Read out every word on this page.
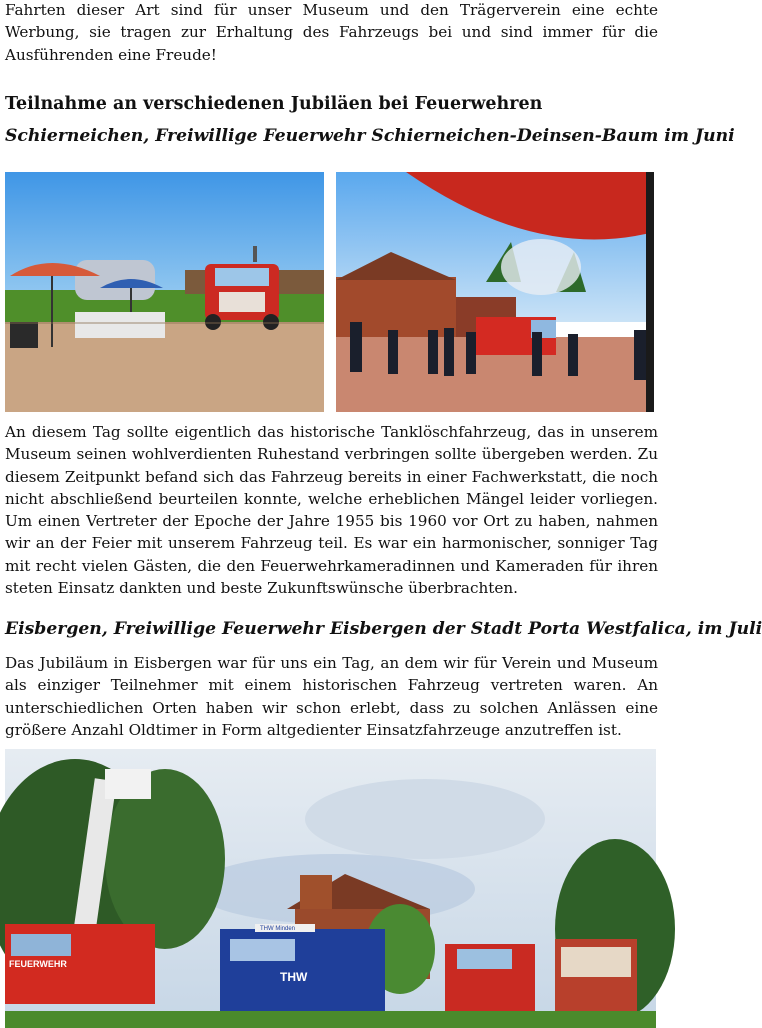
Fahrten dieser Art sind für unser Museum und den Trägerverein eine echte Werbung, sie tragen zur Erhaltung des Fahrzeugs bei und sind immer für die Ausführenden eine Freude!

Teilnahme an verschiedenen Jubiläen bei Feuerwehren
Schierneichen, Freiwillige Feuerwehr Schierneichen-Deinsen-Baum im Juni

An diesem Tag sollte eigentlich das historische Tanklöschfahrzeug, das in unserem Museum seinen wohlverdienten Ruhestand verbringen sollte übergeben werden. Zu diesem Zeitpunkt befand sich das Fahrzeug bereits in einer Fachwerkstatt, die noch nicht abschließend beurteilen konnte, welche erheblichen Mängel leider vorliegen. Um einen Vertreter der Epoche der Jahre 1955 bis 1960 vor Ort zu haben, nahmen wir an der Feier mit unserem Fahrzeug teil. Es war ein harmonischer, sonniger Tag mit recht vielen Gästen, die den Feuerwehrkameradinnen und Kameraden für ihren steten Einsatz dankten und beste Zukunftswünsche überbrachten.

Eisbergen, Freiwillige Feuerwehr Eisbergen der Stadt Porta Westfalica, im Juli

Das Jubiläum in Eisbergen war für uns ein Tag, an dem wir für Verein und Museum als einziger Teilnehmer mit einem historischen Fahrzeug vertreten waren. An unterschiedlichen Orten haben wir schon erlebt, dass zu solchen Anlässen eine größere Anzahl Oldtimer in Form altgedienter Einsatzfahrzeuge anzutreffen ist.

FEUERWEHR
THW Minden
THW
